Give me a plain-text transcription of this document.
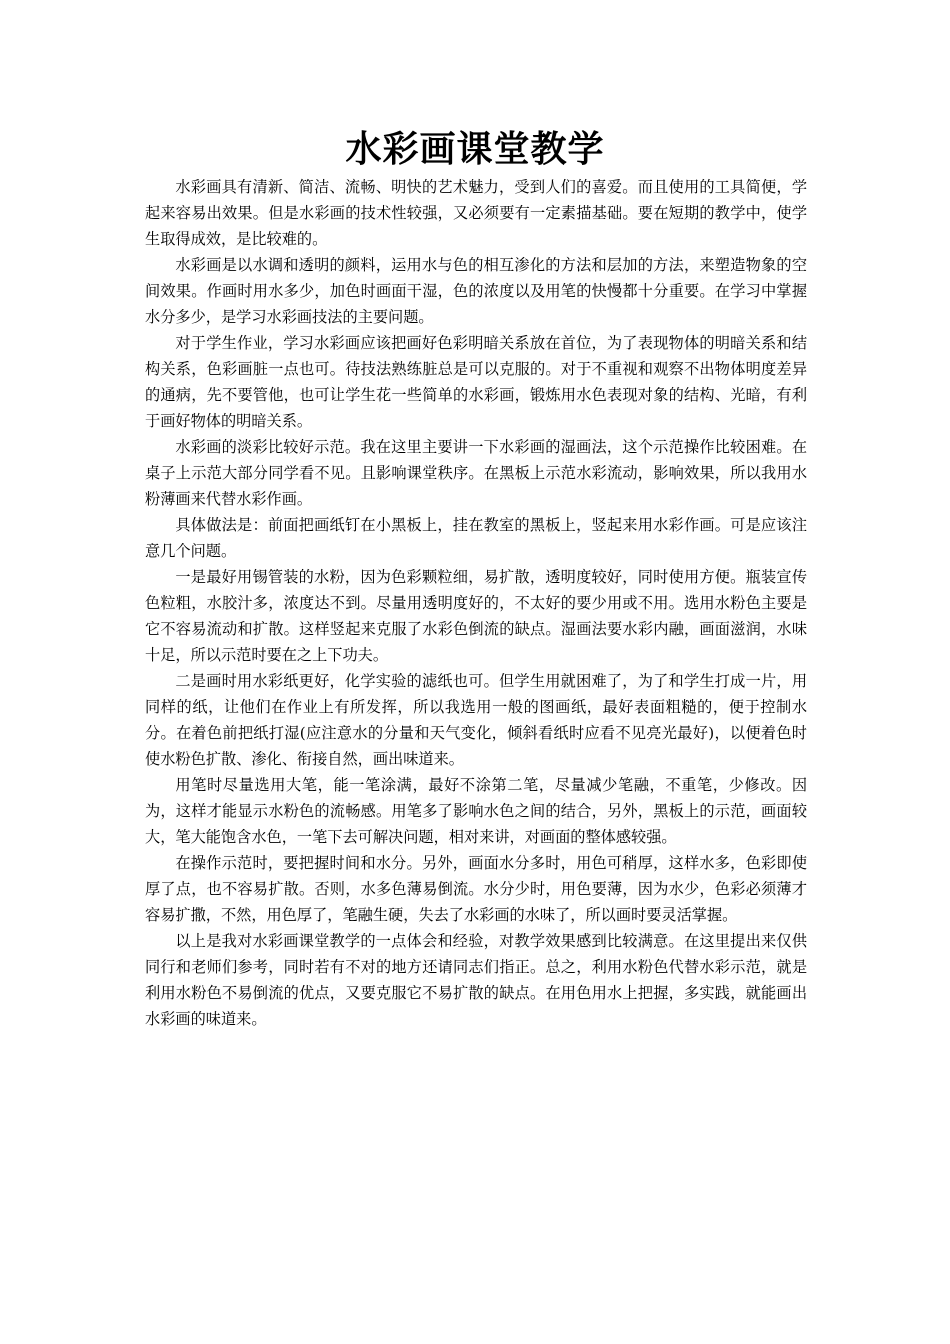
水彩画课堂教学

水彩画具有清新、简洁、流畅、明快的艺术魅力，受到人们的喜爱。而且使用的工具简便，学起来容易出效果。但是水彩画的技术性较强，又必须要有一定素描基础。要在短期的教学中，使学生取得成效，是比较难的。

水彩画是以水调和透明的颜料，运用水与色的相互渗化的方法和层加的方法，来塑造物象的空间效果。作画时用水多少，加色时画面干湿，色的浓度以及用笔的快慢都十分重要。在学习中掌握水分多少，是学习水彩画技法的主要问题。

对于学生作业，学习水彩画应该把画好色彩明暗关系放在首位，为了表现物体的明暗关系和结构关系，色彩画脏一点也可。待技法熟练脏总是可以克服的。对于不重视和观察不出物体明度差异的通病，先不要管他，也可让学生花一些简单的水彩画，锻炼用水色表现对象的结构、光暗，有利于画好物体的明暗关系。

水彩画的淡彩比较好示范。我在这里主要讲一下水彩画的湿画法，这个示范操作比较困难。在桌子上示范大部分同学看不见。且影响课堂秩序。在黑板上示范水彩流动，影响效果，所以我用水粉薄画来代替水彩作画。

具体做法是：前面把画纸钉在小黑板上，挂在教室的黑板上，竖起来用水彩作画。可是应该注意几个问题。

一是最好用锡管装的水粉，因为色彩颗粒细，易扩散，透明度较好，同时使用方便。瓶装宣传色粒粗，水胶汁多，浓度达不到。尽量用透明度好的，不太好的要少用或不用。选用水粉色主要是它不容易流动和扩散。这样竖起来克服了水彩色倒流的缺点。湿画法要水彩内融，画面滋润，水味十足，所以示范时要在之上下功夫。

二是画时用水彩纸更好，化学实验的滤纸也可。但学生用就困难了，为了和学生打成一片，用同样的纸，让他们在作业上有所发挥，所以我选用一般的图画纸，最好表面粗糙的，便于控制水分。在着色前把纸打湿(应注意水的分量和天气变化，倾斜看纸时应看不见亮光最好)，以便着色时使水粉色扩散、渗化、衔接自然，画出味道来。

用笔时尽量选用大笔，能一笔涂满，最好不涂第二笔，尽量减少笔融，不重笔，少修改。因为，这样才能显示水粉色的流畅感。用笔多了影响水色之间的结合，另外，黑板上的示范，画面较大，笔大能饱含水色，一笔下去可解决问题，相对来讲，对画面的整体感较强。

在操作示范时，要把握时间和水分。另外，画面水分多时，用色可稍厚，这样水多，色彩即使厚了点，也不容易扩散。否则，水多色薄易倒流。水分少时，用色要薄，因为水少，色彩必须薄才容易扩撒，不然，用色厚了，笔融生硬，失去了水彩画的水味了，所以画时要灵活掌握。

以上是我对水彩画课堂教学的一点体会和经验，对教学效果感到比较满意。在这里提出来仅供同行和老师们参考，同时若有不对的地方还请同志们指正。总之，利用水粉色代替水彩示范，就是利用水粉色不易倒流的优点，又要克服它不易扩散的缺点。在用色用水上把握，多实践，就能画出水彩画的味道来。
